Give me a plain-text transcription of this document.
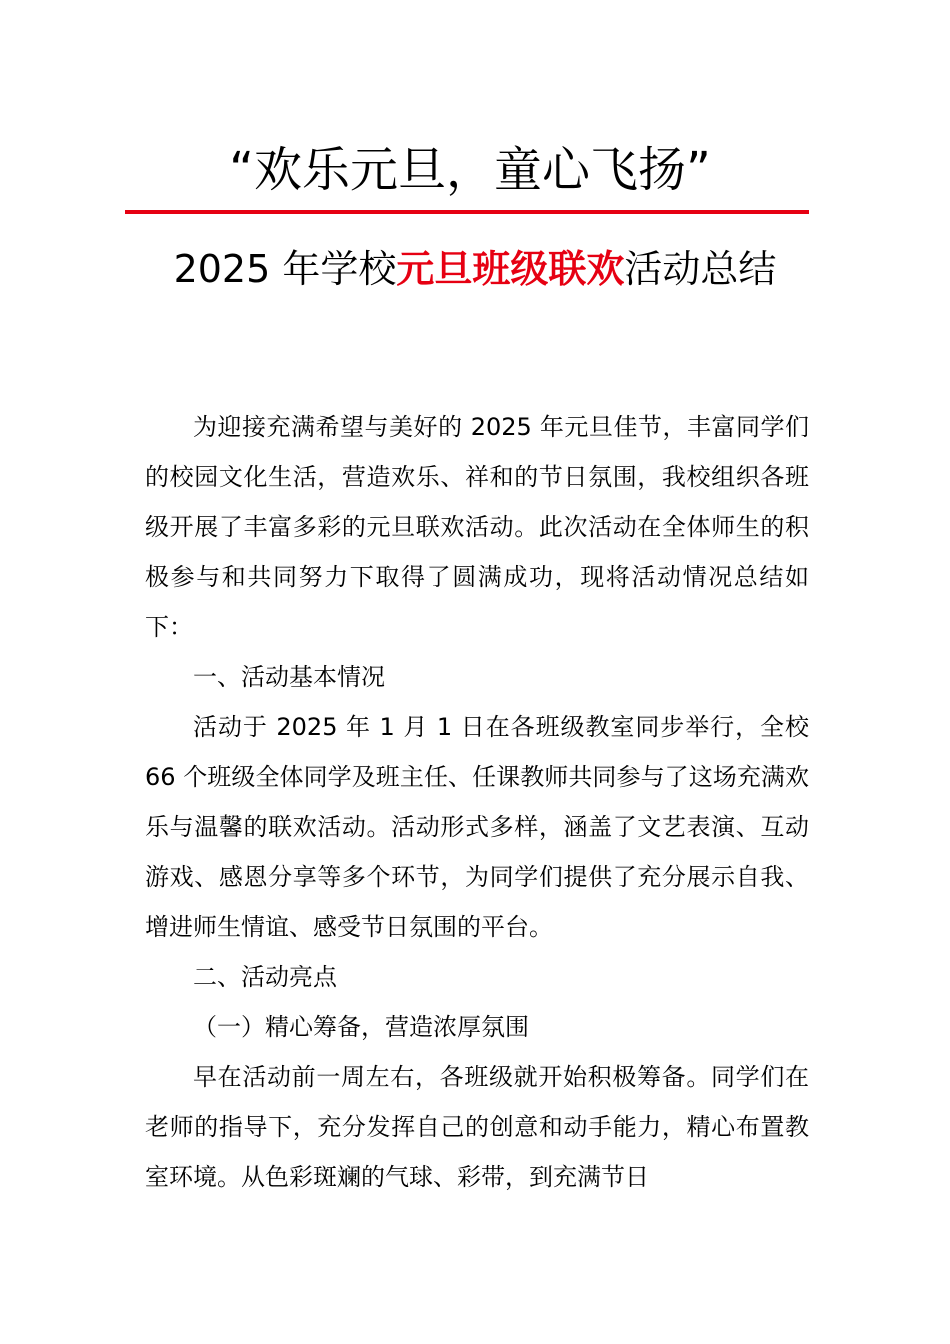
“欢乐元旦，童心飞扬”
2025 年学校元旦班级联欢活动总结

为迎接充满希望与美好的 2025 年元旦佳节，丰富同学们的校园文化生活，营造欢乐、祥和的节日氛围，我校组织各班级开展了丰富多彩的元旦联欢活动。此次活动在全体师生的积极参与和共同努力下取得了圆满成功，现将活动情况总结如下：

一、活动基本情况

活动于 2025 年 1 月 1 日在各班级教室同步举行，全校 66 个班级全体同学及班主任、任课教师共同参与了这场充满欢乐与温馨的联欢活动。活动形式多样，涵盖了文艺表演、互动游戏、感恩分享等多个环节，为同学们提供了充分展示自我、增进师生情谊、感受节日氛围的平台。

二、活动亮点

（一）精心筹备，营造浓厚氛围

早在活动前一周左右，各班级就开始积极筹备。同学们在老师的指导下，充分发挥自己的创意和动手能力，精心布置教室环境。从色彩斑斓的气球、彩带，到充满节日
